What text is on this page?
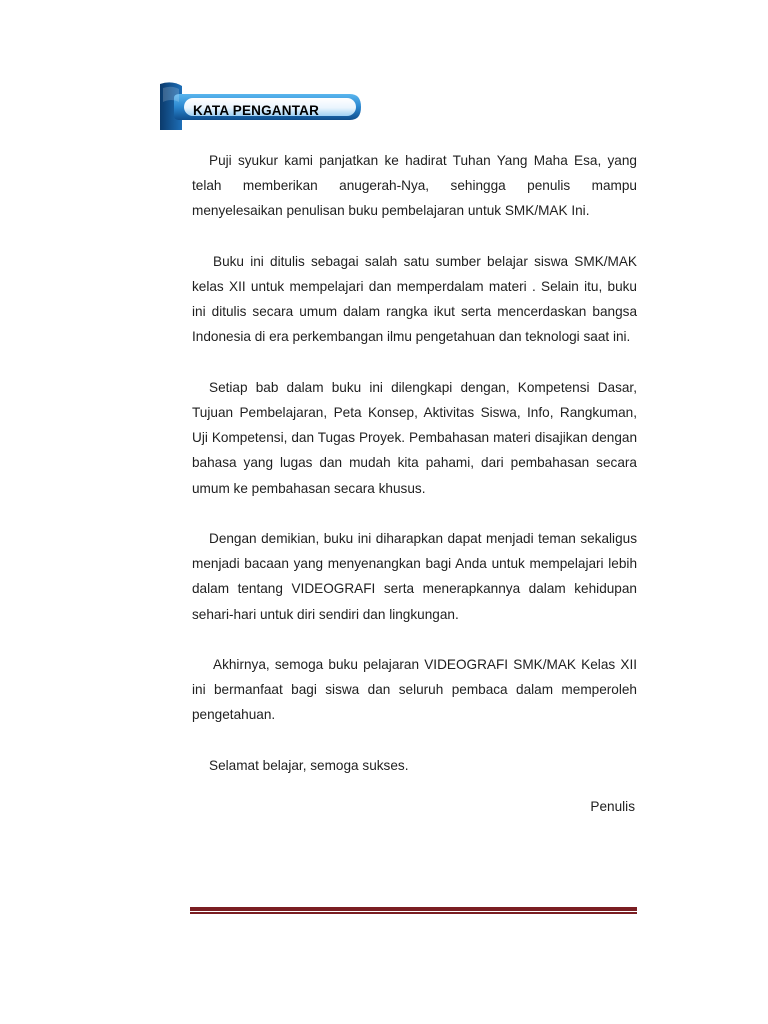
KATA PENGANTAR

Puji syukur kami panjatkan ke hadirat Tuhan Yang Maha Esa, yang telah memberikan anugerah-Nya, sehingga penulis mampu menyelesaikan penulisan buku pembelajaran untuk SMK/MAK Ini.

Buku ini ditulis sebagai salah satu sumber belajar siswa SMK/MAK kelas XII untuk mempelajari dan memperdalam materi . Selain itu, buku ini ditulis secara umum dalam rangka ikut serta mencerdaskan bangsa Indonesia di era perkembangan ilmu pengetahuan dan teknologi saat ini.

Setiap bab dalam buku ini dilengkapi dengan, Kompetensi Dasar, Tujuan Pembelajaran, Peta Konsep, Aktivitas Siswa, Info, Rangkuman, Uji Kompetensi, dan Tugas Proyek. Pembahasan materi disajikan dengan bahasa yang lugas dan mudah kita pahami, dari pembahasan secara umum ke pembahasan secara khusus.

Dengan demikian, buku ini diharapkan dapat menjadi teman sekaligus menjadi bacaan yang menyenangkan bagi Anda untuk mempelajari lebih dalam tentang VIDEOGRAFI serta menerapkannya dalam kehidupan sehari-hari untuk diri sendiri dan lingkungan.

Akhirnya, semoga buku pelajaran VIDEOGRAFI SMK/MAK Kelas XII ini bermanfaat bagi siswa dan seluruh pembaca dalam memperoleh pengetahuan.

Selamat belajar, semoga sukses.

Penulis
